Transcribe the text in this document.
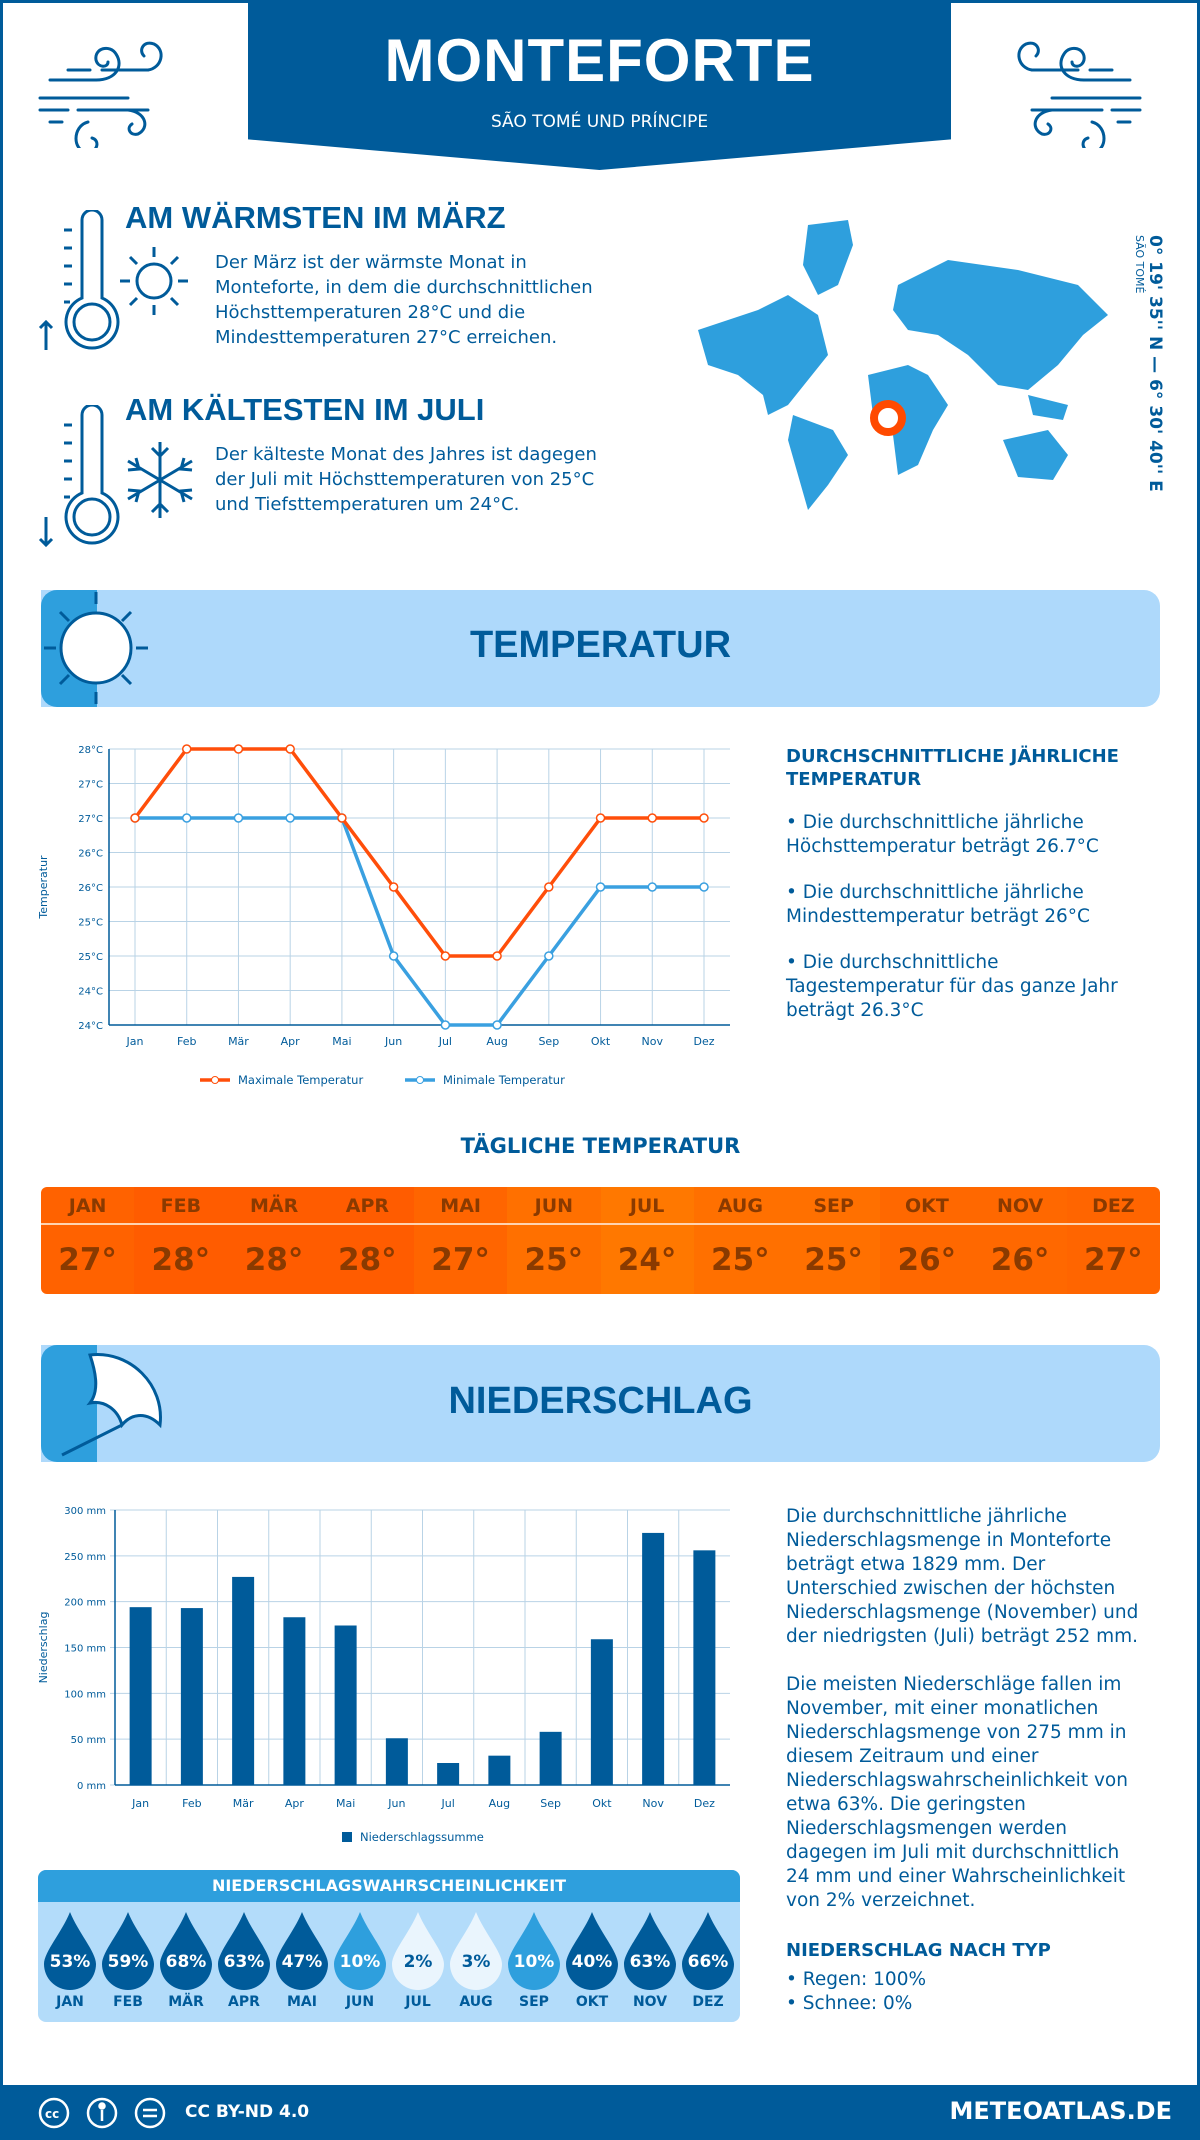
MONTEFORTE
SÃO TOMÉ UND PRÍNCIPE
AM WÄRMSTEN IM MÄRZ
Der März ist der wärmste Monat in Monteforte, in dem die durchschnittlichen Höchsttemperaturen 28°C und die Mindesttemperaturen 27°C erreichen.
AM KÄLTESTEN IM JULI
Der kälteste Monat des Jahres ist dagegen der Juli mit Höchsttemperaturen von 25°C und Tiefsttemperaturen um 24°C.
0° 19' 35'' N — 6° 30' 40'' E
SÃO TOMÉ
TEMPERATUR
28°C
27°C
27°C
26°C
26°C
25°C
25°C
24°C
24°C
Jan	Feb	Mär	Apr	Mai	Jun	Jul	Aug	Sep	Okt	Nov	Dez
Temperatur
Maximale Temperatur	Minimale Temperatur
DURCHSCHNITTLICHE JÄHRLICHE TEMPERATUR
• Die durchschnittliche jährliche Höchsttemperatur beträgt 26.7°C
• Die durchschnittliche jährliche Mindesttemperatur beträgt 26°C
• Die durchschnittliche Tagestemperatur für das ganze Jahr beträgt 26.3°C
TÄGLICHE TEMPERATUR
JAN
27°
FEB
28°
MÄR
28°
APR
28°
MAI
27°
JUN
25°
JUL
24°
AUG
25°
SEP
25°
OKT
26°
NOV
26°
DEZ
27°
NIEDERSCHLAG
300 mm
250 mm
200 mm
150 mm
100 mm
50 mm
0 mm
Jan	Feb	Mär	Apr	Mai	Jun	Jul	Aug	Sep	Okt	Nov	Dez
Niederschlag
Niederschlagssumme
Die durchschnittliche jährliche Niederschlagsmenge in Monteforte beträgt etwa 1829 mm. Der Unterschied zwischen der höchsten Niederschlagsmenge (November) und der niedrigsten (Juli) beträgt 252 mm.
Die meisten Niederschläge fallen im November, mit einer monatlichen Niederschlagsmenge von 275 mm in diesem Zeitraum und einer Niederschlagswahrscheinlichkeit von etwa 63%. Die geringsten Niederschlagsmengen werden dagegen im Juli mit durchschnittlich 24 mm und einer Wahrscheinlichkeit von 2% verzeichnet.
NIEDERSCHLAG NACH TYP
• Regen: 100%
• Schnee: 0%
NIEDERSCHLAGSWAHRSCHEINLICHKEIT
53%
JAN
59%
FEB
68%
MÄR
63%
APR
47%
MAI
10%
JUN
2%
JUL
3%
AUG
10%
SEP
40%
OKT
63%
NOV
66%
DEZ
cc	CC BY-ND 4.0	METEOATLAS.DE
